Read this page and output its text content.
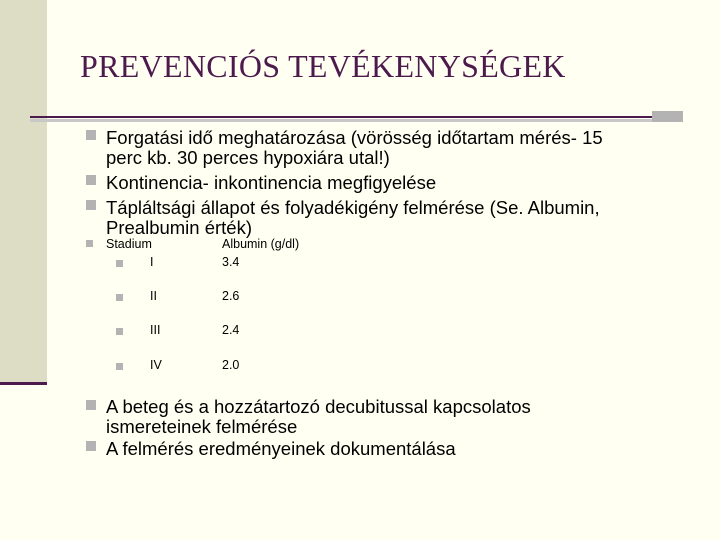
PREVENCIÓS TEVÉKENYSÉGEK
Forgatási idő meghatározása (vörösség időtartam mérés- 15
perc kb. 30 perces hypoxiára utal!)
Kontinencia- inkontinencia megfigyelése
Tápláltsági állapot és folyadékigény felmérése (Se. Albumin,
Prealbumin érték)
Stadium	Albumin (g/dl)
I	3.4
II	2.6
III	2.4
IV	2.0
A beteg és a hozzátartozó decubitussal kapcsolatos
ismereteinek felmérése
A felmérés eredményeinek dokumentálása
